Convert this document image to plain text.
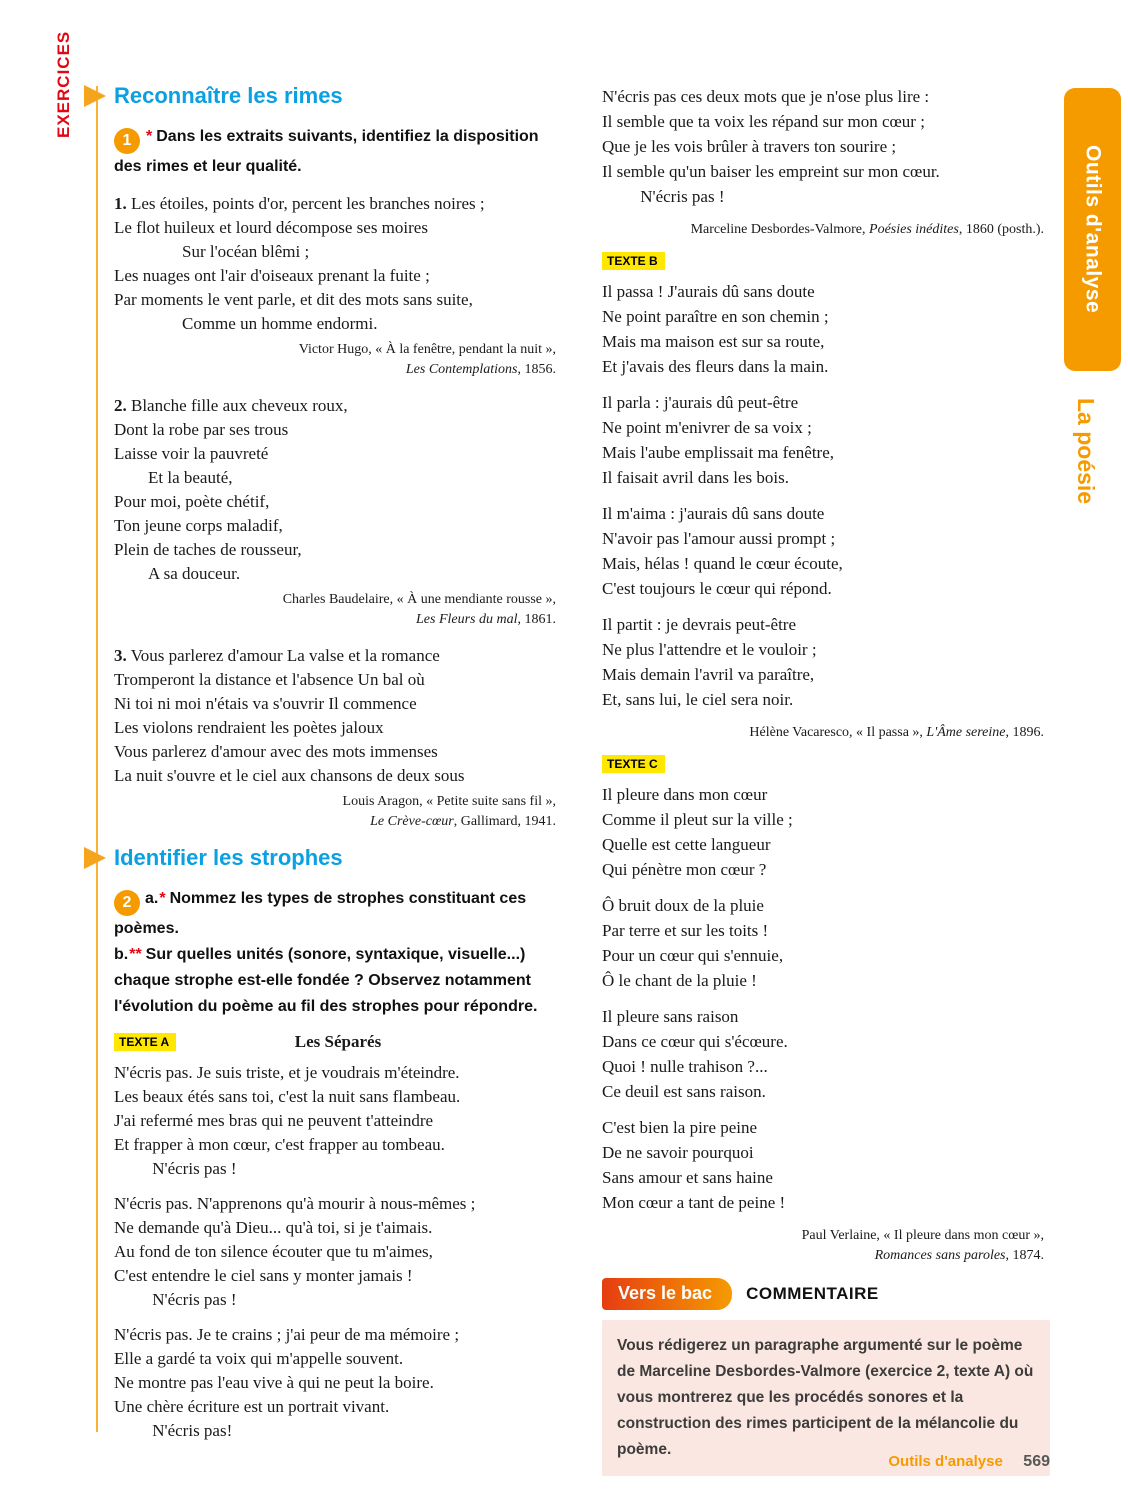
EXERCICES
Outils d'analyse
La poésie
Reconnaître les rimes
1 * Dans les extraits suivants, identifiez la disposition des rimes et leur qualité.
1. Les étoiles, points d'or, percent les branches noires ;
Le flot huileux et lourd décompose ses moires
Sur l'océan blêmi ;
Les nuages ont l'air d'oiseaux prenant la fuite ;
Par moments le vent parle, et dit des mots sans suite,
Comme un homme endormi.
Victor Hugo, « À la fenêtre, pendant la nuit »,
Les Contemplations, 1856.
2. Blanche fille aux cheveux roux,
Dont la robe par ses trous
Laisse voir la pauvreté
Et la beauté,
Pour moi, poète chétif,
Ton jeune corps maladif,
Plein de taches de rousseur,
A sa douceur.
Charles Baudelaire, « À une mendiante rousse »,
Les Fleurs du mal, 1861.
3. Vous parlerez d'amour La valse et la romance
Tromperont la distance et l'absence Un bal où
Ni toi ni moi n'étais va s'ouvrir Il commence
Les violons rendraient les poètes jaloux
Vous parlerez d'amour avec des mots immenses
La nuit s'ouvre et le ciel aux chansons de deux sous
Louis Aragon, « Petite suite sans fil »,
Le Crève-cœur, Gallimard, 1941.
Identifier les strophes
2 a.* Nommez les types de strophes constituant ces poèmes.
b.** Sur quelles unités (sonore, syntaxique, visuelle...) chaque strophe est-elle fondée ? Observez notamment l'évolution du poème au fil des strophes pour répondre.
TEXTE A	Les Séparés
N'écris pas. Je suis triste, et je voudrais m'éteindre.
Les beaux étés sans toi, c'est la nuit sans flambeau.
J'ai refermé mes bras qui ne peuvent t'atteindre
Et frapper à mon cœur, c'est frapper au tombeau.
N'écris pas !
N'écris pas. N'apprenons qu'à mourir à nous-mêmes ;
Ne demande qu'à Dieu... qu'à toi, si je t'aimais.
Au fond de ton silence écouter que tu m'aimes,
C'est entendre le ciel sans y monter jamais !
N'écris pas !
N'écris pas. Je te crains ; j'ai peur de ma mémoire ;
Elle a gardé ta voix qui m'appelle souvent.
Ne montre pas l'eau vive à qui ne peut la boire.
Une chère écriture est un portrait vivant.
N'écris pas!
N'écris pas ces deux mots que je n'ose plus lire :
Il semble que ta voix les répand sur mon cœur ;
Que je les vois brûler à travers ton sourire ;
Il semble qu'un baiser les empreint sur mon cœur.
N'écris pas !
Marceline Desbordes-Valmore, Poésies inédites, 1860 (posth.).
TEXTE B
Il passa ! J'aurais dû sans doute
Ne point paraître en son chemin ;
Mais ma maison est sur sa route,
Et j'avais des fleurs dans la main.
Il parla : j'aurais dû peut-être
Ne point m'enivrer de sa voix ;
Mais l'aube emplissait ma fenêtre,
Il faisait avril dans les bois.
Il m'aima : j'aurais dû sans doute
N'avoir pas l'amour aussi prompt ;
Mais, hélas ! quand le cœur écoute,
C'est toujours le cœur qui répond.
Il partit : je devrais peut-être
Ne plus l'attendre et le vouloir ;
Mais demain l'avril va paraître,
Et, sans lui, le ciel sera noir.
Hélène Vacaresco, « Il passa », L'Âme sereine, 1896.
TEXTE C
Il pleure dans mon cœur
Comme il pleut sur la ville ;
Quelle est cette langueur
Qui pénètre mon cœur ?
Ô bruit doux de la pluie
Par terre et sur les toits !
Pour un cœur qui s'ennuie,
Ô le chant de la pluie !
Il pleure sans raison
Dans ce cœur qui s'écœure.
Quoi ! nulle trahison ?...
Ce deuil est sans raison.
C'est bien la pire peine
De ne savoir pourquoi
Sans amour et sans haine
Mon cœur a tant de peine !
Paul Verlaine, « Il pleure dans mon cœur »,
Romances sans paroles, 1874.
Vers le bac	COMMENTAIRE
Vous rédigerez un paragraphe argumenté sur le poème de Marceline Desbordes-Valmore (exercice 2, texte A) où vous montrerez que les procédés sonores et la construction des rimes participent de la mélancolie du poème.
Outils d'analyse 569
